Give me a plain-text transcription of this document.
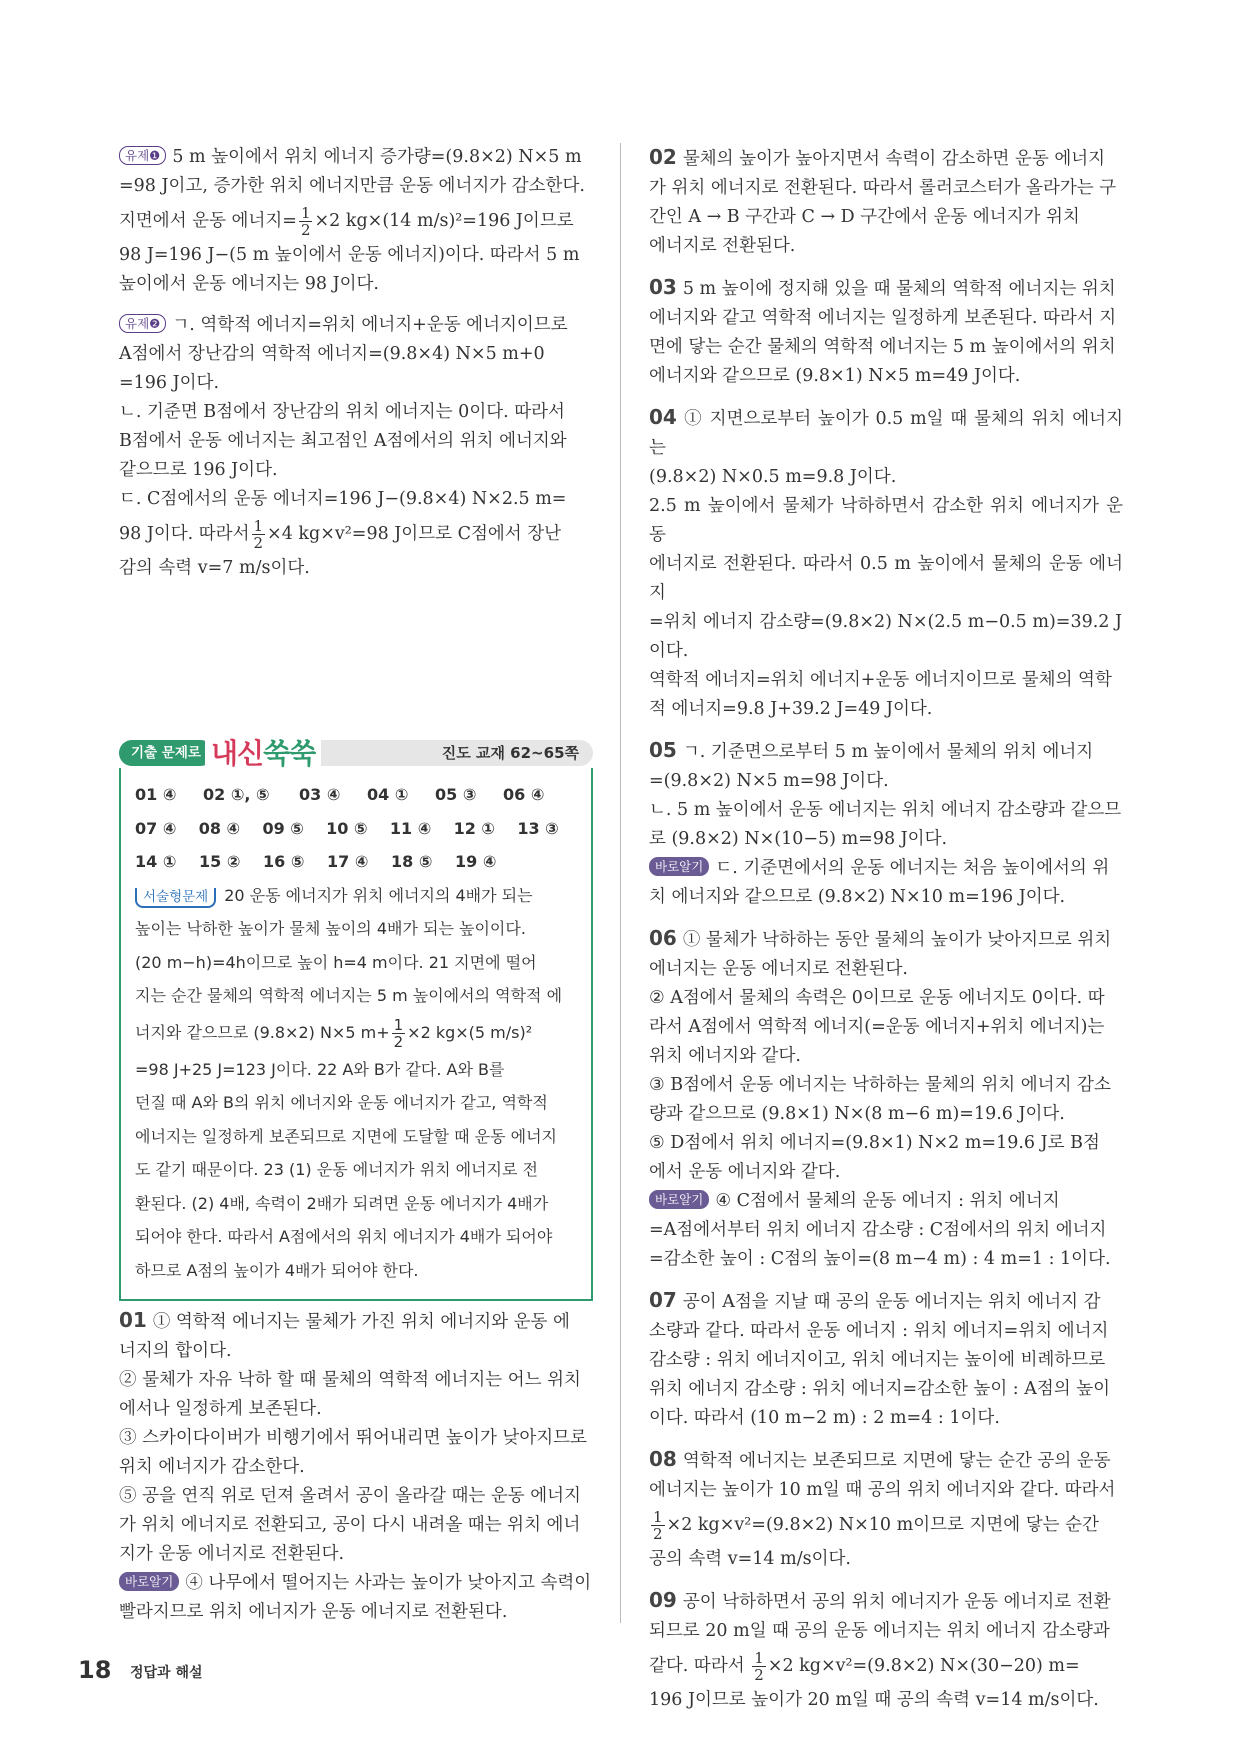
유제❶ 5 m 높이에서 위치 에너지 증가량=(9.8×2) N×5 m
=98 J이고, 증가한 위치 에너지만큼 운동 에너지가 감소한다.
지면에서 운동 에너지= $\frac{1}{2} \times 2$ kg×(14 m/s)²=196 J이므로
98 J=196 J−(5 m 높이에서 운동 에너지)이다. 따라서 5 m
높이에서 운동 에너지는 98 J이다.
유제❷ ㄱ. 역학적 에너지=위치 에너지+운동 에너지이므로
A점에서 장난감의 역학적 에너지=(9.8×4) N×5 m+0
=196 J이다.
ㄴ. 기준면 B점에서 장난감의 위치 에너지는 0이다. 따라서
B점에서 운동 에너지는 최고점인 A점에서의 위치 에너지와
같으므로 196 J이다.
ㄷ. C점에서의 운동 에너지=196 J−(9.8×4) N×2.5 m=
98 J이다. 따라서 $\frac{1}{2} \times 4$ kg×v²=98 J이므로 C점에서 장난
감의 속력 v=7 m/s이다.
기출 문제로 내신쑥쑥	진도 교재 62~65쪽
01 ④	02 ①, ⑤	03 ④	04 ①	05 ③	06 ④
07 ④	08 ④	09 ⑤	10 ⑤	11 ④	12 ①	13 ③
14 ①	15 ②	16 ⑤	17 ④	18 ⑤	19 ④
서술형문제 20 운동 에너지가 위치 에너지의 4배가 되는
높이는 낙하한 높이가 물체 높이의 4배가 되는 높이이다.
(20 m−h)=4h이므로 높이 h=4 m이다. 21 지면에 떨어
지는 순간 물체의 역학적 에너지는 5 m 높이에서의 역학적 에
너지와 같으므로 (9.8×2) N×5 $m+ \frac{1}{2} \times 2$ kg×(5 m/s)²
=98 J+25 J=123 J이다. 22 A와 B가 같다. A와 B를
던질 때 A와 B의 위치 에너지와 운동 에너지가 같고, 역학적
에너지는 일정하게 보존되므로 지면에 도달할 때 운동 에너지
도 같기 때문이다. 23 (1) 운동 에너지가 위치 에너지로 전
환된다. (2) 4배, 속력이 2배가 되려면 운동 에너지가 4배가
되어야 한다. 따라서 A점에서의 위치 에너지가 4배가 되어야
하므로 A점의 높이가 4배가 되어야 한다.
01 ① 역학적 에너지는 물체가 가진 위치 에너지와 운동 에
너지의 합이다.
② 물체가 자유 낙하 할 때 물체의 역학적 에너지는 어느 위치
에서나 일정하게 보존된다.
③ 스카이다이버가 비행기에서 뛰어내리면 높이가 낮아지므로
위치 에너지가 감소한다.
⑤ 공을 연직 위로 던져 올려서 공이 올라갈 때는 운동 에너지
가 위치 에너지로 전환되고, 공이 다시 내려올 때는 위치 에너
지가 운동 에너지로 전환된다.
바로알기 ④ 나무에서 떨어지는 사과는 높이가 낮아지고 속력이
빨라지므로 위치 에너지가 운동 에너지로 전환된다.
02 물체의 높이가 높아지면서 속력이 감소하면 운동 에너지
가 위치 에너지로 전환된다. 따라서 롤러코스터가 올라가는 구
간인 A → B 구간과 C → D 구간에서 운동 에너지가 위치
에너지로 전환된다.
03 5 m 높이에 정지해 있을 때 물체의 역학적 에너지는 위치
에너지와 같고 역학적 에너지는 일정하게 보존된다. 따라서 지
면에 닿는 순간 물체의 역학적 에너지는 5 m 높이에서의 위치
에너지와 같으므로 (9.8×1) N×5 m=49 J이다.
04 ① 지면으로부터 높이가 0.5 m일 때 물체의 위치 에너지는
(9.8×2) N×0.5 m=9.8 J이다.
2.5 m 높이에서 물체가 낙하하면서 감소한 위치 에너지가 운동
에너지로 전환된다. 따라서 0.5 m 높이에서 물체의 운동 에너지
=위치 에너지 감소량=(9.8×2) N×(2.5 m−0.5 m)=39.2 J
이다.
역학적 에너지=위치 에너지+운동 에너지이므로 물체의 역학
적 에너지=9.8 J+39.2 J=49 J이다.
05 ㄱ. 기준면으로부터 5 m 높이에서 물체의 위치 에너지
=(9.8×2) N×5 m=98 J이다.
ㄴ. 5 m 높이에서 운동 에너지는 위치 에너지 감소량과 같으므
로 (9.8×2) N×(10−5) m=98 J이다.
바로알기 ㄷ. 기준면에서의 운동 에너지는 처음 높이에서의 위
치 에너지와 같으므로 (9.8×2) N×10 m=196 J이다.
06 ① 물체가 낙하하는 동안 물체의 높이가 낮아지므로 위치
에너지는 운동 에너지로 전환된다.
② A점에서 물체의 속력은 0이므로 운동 에너지도 0이다. 따
라서 A점에서 역학적 에너지(=운동 에너지+위치 에너지)는
위치 에너지와 같다.
③ B점에서 운동 에너지는 낙하하는 물체의 위치 에너지 감소
량과 같으므로 (9.8×1) N×(8 m−6 m)=19.6 J이다.
⑤ D점에서 위치 에너지=(9.8×1) N×2 m=19.6 J로 B점
에서 운동 에너지와 같다.
바로알기 ④ C점에서 물체의 운동 에너지 : 위치 에너지
=A점에서부터 위치 에너지 감소량 : C점에서의 위치 에너지
=감소한 높이 : C점의 높이=(8 m−4 m) : 4 m=1 : 1이다.
07 공이 A점을 지날 때 공의 운동 에너지는 위치 에너지 감
소량과 같다. 따라서 운동 에너지 : 위치 에너지=위치 에너지
감소량 : 위치 에너지이고, 위치 에너지는 높이에 비례하므로
위치 에너지 감소량 : 위치 에너지=감소한 높이 : A점의 높이
이다. 따라서 (10 m−2 m) : 2 m=4 : 1이다.
08 역학적 에너지는 보존되므로 지면에 닿는 순간 공의 운동
에너지는 높이가 10 m일 때 공의 위치 에너지와 같다. 따라서
$\frac{1}{2} \times 2$ kg×v²=(9.8×2) N×10 m이므로 지면에 닿는 순간
공의 속력 v=14 m/s이다.
09 공이 낙하하면서 공의 위치 에너지가 운동 에너지로 전환
되므로 20 m일 때 공의 운동 에너지는 위치 에너지 감소량과
같다. 따라서 $\frac{1}{2} \times 2$ kg×v²=(9.8×2) N×(30−20) m=
196 J이므로 높이가 20 m일 때 공의 속력 v=14 m/s이다.
18 정답과 해설
